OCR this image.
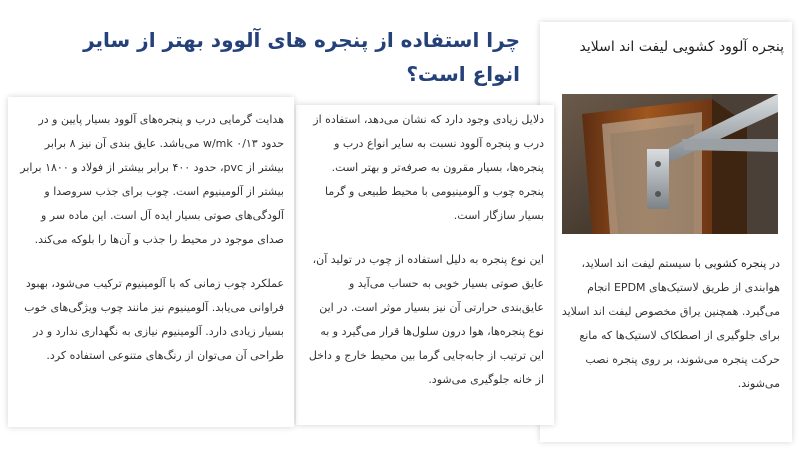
چرا استفاده از پنجره های آلوود بهتر از سایر انواع است؟
پنجره آلوود کشویی لیفت اند اسلاید
در پنجره کشویی با سیستم لیفت اند اسلاید، هوابندی از طریق لاستیک‌های EPDM انجام می‌گیرد. همچنین یراق مخصوص لیفت اند اسلاید برای جلوگیری از اصطکاک لاستیک‌ها که مانع حرکت پنجره می‌شوند، بر روی پنجره نصب می‌شوند.

دلایل زیادی وجود دارد که نشان می‌دهد، استفاده از درب و پنجره آلوود نسبت به سایر انواع درب و پنجره‌ها، بسیار مقرون به صرفه‌تر و بهتر است. پنجره چوب و آلومینیومی با محیط طبیعی و گرما بسیار سازگار است.

این نوع پنجره به دلیل استفاده از چوب در تولید آن، عایق صوتی بسیار خوبی به حساب می‌آید و عایق‌بندی حرارتی آن نیز بسیار موثر است. در این نوع پنجره‌ها، هوا درون سلول‌ها قرار می‌گیرد و به این ترتیب از جابه‌جایی گرما بین محیط خارج و داخل از خانه جلوگیری می‌شود.

هدایت گرمایی درب و پنجره‌های آلوود بسیار پایین و در حدود ۰/۱۳ w/mk می‌باشد. عایق بندی آن نیز ۸ برابر بیشتر از pvc، حدود ۴۰۰ برابر بیشتر از فولاد و ۱۸۰۰ برابر بیشتر از آلومینیوم است. چوب برای جذب سروصدا و آلودگی‌های صوتی بسیار ایده آل است. این ماده سر و صدای موجود در محیط را جذب و آن‌ها را بلوکه می‌کند.

عملکرد چوب زمانی که با آلومینیوم ترکیب می‌شود، بهبود فراوانی می‌یابد. آلومینیوم نیز مانند چوب ویژگی‌های خوب بسیار زیادی دارد. آلومینیوم نیازی به نگهداری ندارد و در طراحی آن می‌توان از رنگ‌های متنوعی استفاده کرد.
